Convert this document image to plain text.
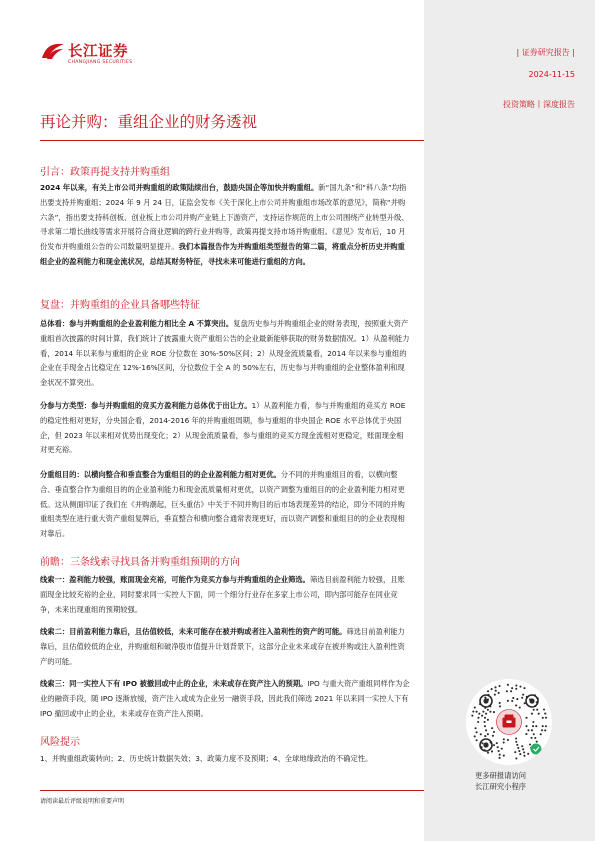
长江证券
CHANGJIANG SECURITIES
| 证券研究报告 |
2024-11-15
投资策略丨深度报告
再论并购：重组企业的财务透视
引言：政策再提支持并购重组

2024 年以来，有关上市公司并购重组的政策陆续出台，鼓励央国企等加快并购重组。新“国九条”和“科八条”均指出要支持并购重组；2024 年 9 月 24 日，证监会发布《关于深化上市公司并购重组市场改革的意见》，简称“并购六条”，指出要支持科创板、创业板上市公司并购产业链上下游资产，支持运作规范的上市公司围绕产业转型升级、寻求第二增长曲线等需求开展符合商业逻辑的跨行业并购等，政策再提支持市场并购重组。《意见》发布后，10 月份发布并购重组公告的公司数量明显提升。我们本篇报告作为并购重组类型报告的第二篇，将重点分析历史并购重组企业的盈利能力和现金流状况，总结其财务特征，寻找未来可能进行重组的方向。

复盘：并购重组的企业具备哪些特征

总体看：参与并购重组的企业盈利能力相比全 A 不算突出。复盘历史参与并购重组企业的财务表现，按照重大资产重组首次披露的时间计算，我们统计了披露重大资产重组公告的企业最新能够获取的财务数据情况。1）从盈利能力看，2014 年以来参与重组的企业 ROE 分位数在 30%-50%区间；2）从现金流质量看，2014 年以来参与重组的企业在手现金占比稳定在 12%-16%区间，分位数位于全 A 的 50%左右，历史参与并购重组的企业整体盈利和现金状况不算突出。

分参与方类型：参与并购重组的竞买方盈利能力总体优于出让方。1）从盈利能力看，参与并购重组的竞买方 ROE 的稳定性相对更好，分央国企看，2014-2016 年的并购重组周期，参与重组的非央国企 ROE 水平总体优于央国企，但 2023 年以来相对优势出现变化；2）从现金流质量看，参与重组的竞买方现金流相对更稳定，账面现金相对更充裕。

分重组目的：以横向整合和垂直整合为重组目的的企业盈利能力相对更优。分不同的并购重组目的看，以横向整合、垂直整合作为重组目的的企业盈利能力和现金流质量相对更优，以资产调整为重组目的的企业盈利能力相对更低。这从侧面印证了我们在《并购潮起，巨头重估》中关于不同并购目的后市场表现差异的结论，即分不同的并购重组类型在进行重大资产重组复牌后，垂直整合和横向整合通常表现更好，而以资产调整和重组目的的企业表现相对靠后。

前瞻：三条线索寻找具备并购重组预期的方向

线索一：盈利能力较强，账面现金充裕，可能作为竞买方参与并购重组的企业筛选。筛选目前盈利能力较强，且账面现金比较充裕的企业，同时要求同一实控人下面，同一个细分行业存在多家上市公司，即内部可能存在同业竞争，未来出现重组的预期较强。

线索二：目前盈利能力靠后，且估值较低，未来可能存在被并购或者注入盈利性的资产的可能。筛选目前盈利能力靠后，且估值较低的企业，并购重组和破净股市值提升计划背景下，这部分企业未来或存在被并购或注入盈利性资产的可能。

线索三：同一实控人下有 IPO 被撤回或中止的企业，未来或存在资产注入的预期。IPO 与重大资产重组同样作为企业的融资手段，随 IPO 逐渐放缓，资产注入或成为企业另一融资手段，因此我们筛选 2021 年以来同一实控人下有 IPO 撤回或中止的企业，未来或存在资产注入预期。

风险提示

1、并购重组政策转向；2、历史统计数据失效；3、政策力度不及预期；4、全球地缘政治的不确定性。

更多研报请访问
长江研究小程序
请阅读最后评级说明和重要声明
